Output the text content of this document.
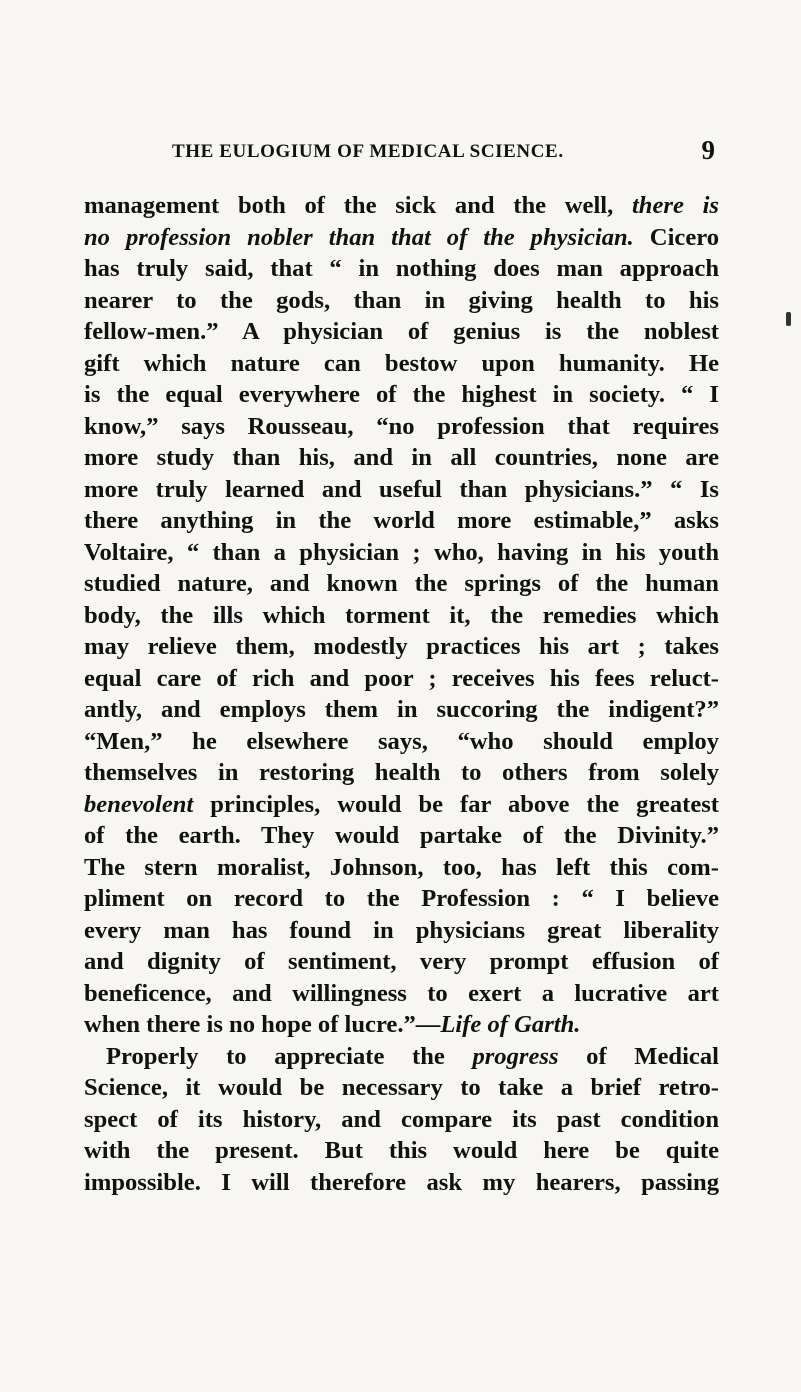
THE EULOGIUM OF MEDICAL SCIENCE.	9
management both of the sick and the well, there is
no profession nobler than that of the physician. Cicero
has truly said, that “ in nothing does man approach
nearer to the gods, than in giving health to his
fellow-men.” A physician of genius is the noblest
gift which nature can bestow upon humanity. He
is the equal everywhere of the highest in society. “ I
know,” says Rousseau, “no profession that requires
more study than his, and in all countries, none are
more truly learned and useful than physicians.” “ Is
there anything in the world more estimable,” asks
Voltaire, “ than a physician ; who, having in his youth
studied nature, and known the springs of the human
body, the ills which torment it, the remedies which
may relieve them, modestly practices his art ; takes
equal care of rich and poor ; receives his fees reluct-
antly, and employs them in succoring the indigent?”
“Men,” he elsewhere says, “who should employ
themselves in restoring health to others from solely
benevolent principles, would be far above the greatest
of the earth. They would partake of the Divinity.”
The stern moralist, Johnson, too, has left this com-
pliment on record to the Profession : “ I believe
every man has found in physicians great liberality
and dignity of sentiment, very prompt effusion of
beneficence, and willingness to exert a lucrative art
when there is no hope of lucre.”—Life of Garth.
Properly to appreciate the progress of Medical
Science, it would be necessary to take a brief retro-
spect of its history, and compare its past condition
with the present. But this would here be quite
impossible. I will therefore ask my hearers, passing
